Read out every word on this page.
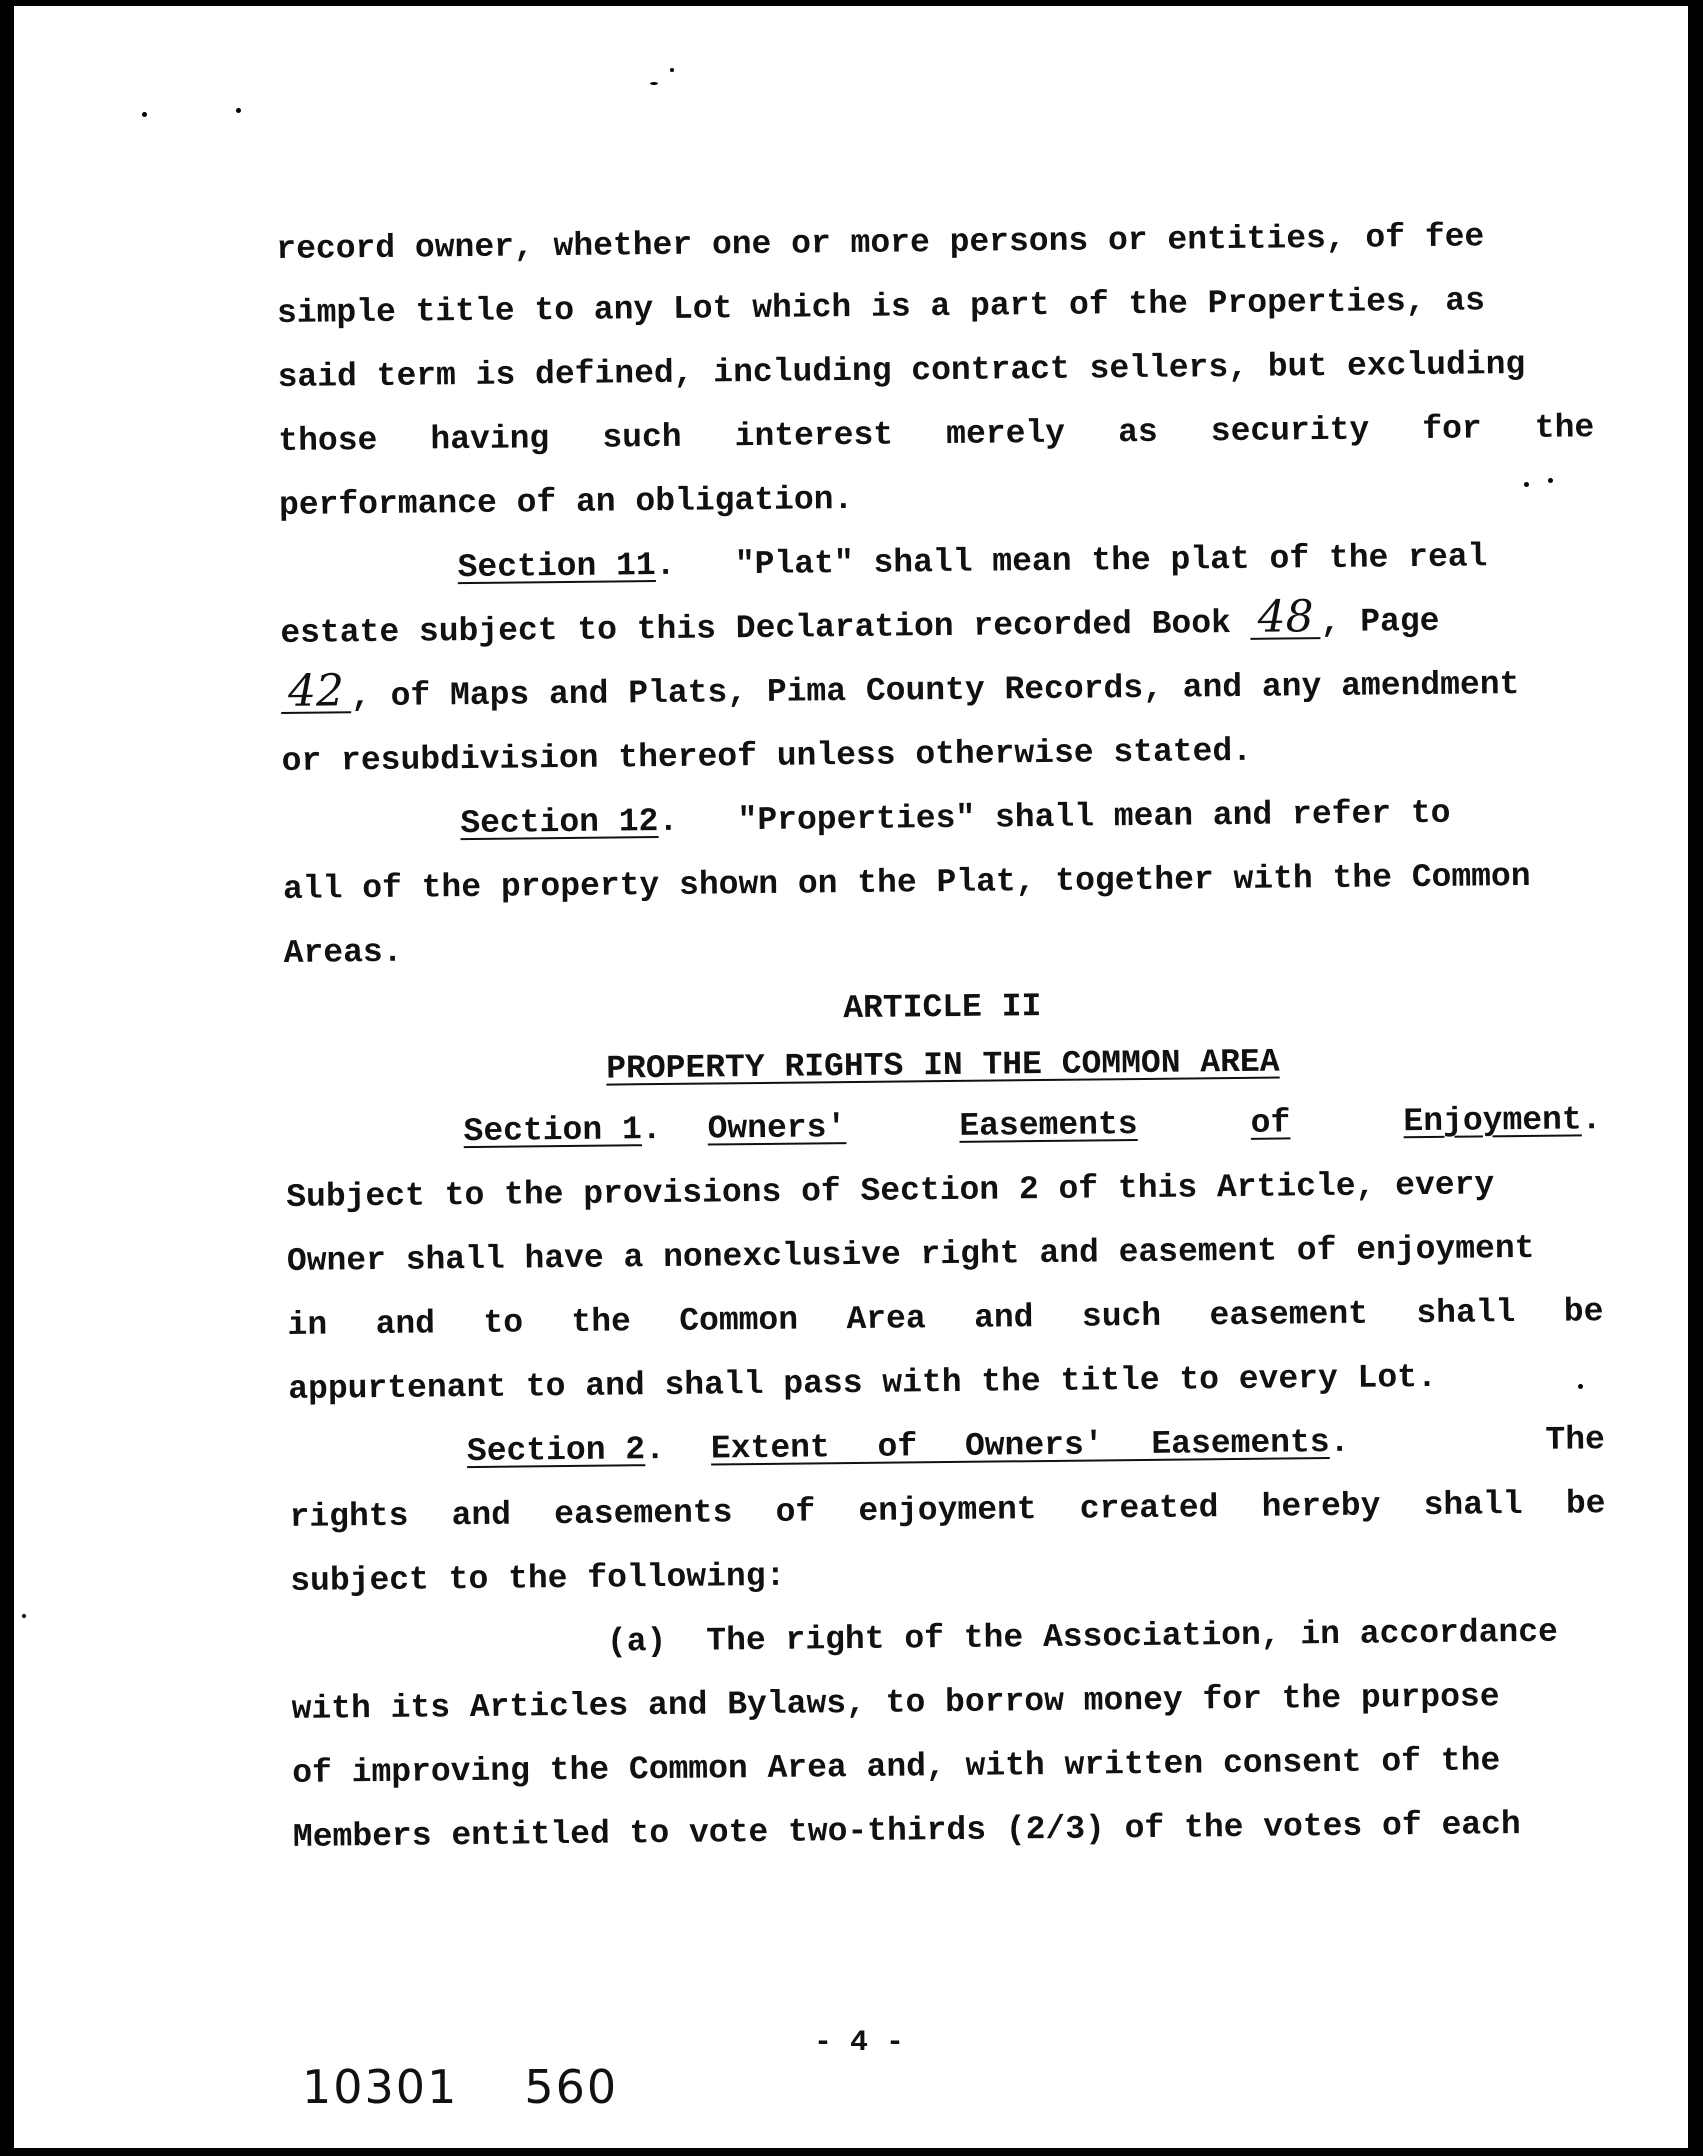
record owner, whether one or more persons or entities, of fee
simple title to any Lot which is a part of the Properties, as
said term is defined, including contract sellers, but excluding
those having such interest merely as security for the
performance of an obligation.
Section 11.   "Plat" shall mean the plat of the real
estate subject to this Declaration recorded Book 48 , Page
42 , of Maps and Plats, Pima County Records, and any amendment
or resubdivision thereof unless otherwise stated.
Section 12.   "Properties" shall mean and refer to
all of the property shown on the Plat, together with the Common
Areas.
ARTICLE II
PROPERTY RIGHTS IN THE COMMON AREA
Section 1 . Owners'	Easements	of	Enjoyment .
Subject to the provisions of Section 2 of this Article, every
Owner shall have a nonexclusive right and easement of enjoyment
in and to the Common Area and such easement shall be
appurtenant to and shall pass with the title to every Lot.
Section 2 . Extent of Owners' Easements .	The
rights and easements of enjoyment created hereby shall be
subject to the following:
(a) The right of the Association, in accordance
with its Articles and Bylaws, to borrow money for the purpose
of improving the Common Area and, with written consent of the
Members entitled to vote two-thirds (2/3) of the votes of each
- 4 -
10301 560
